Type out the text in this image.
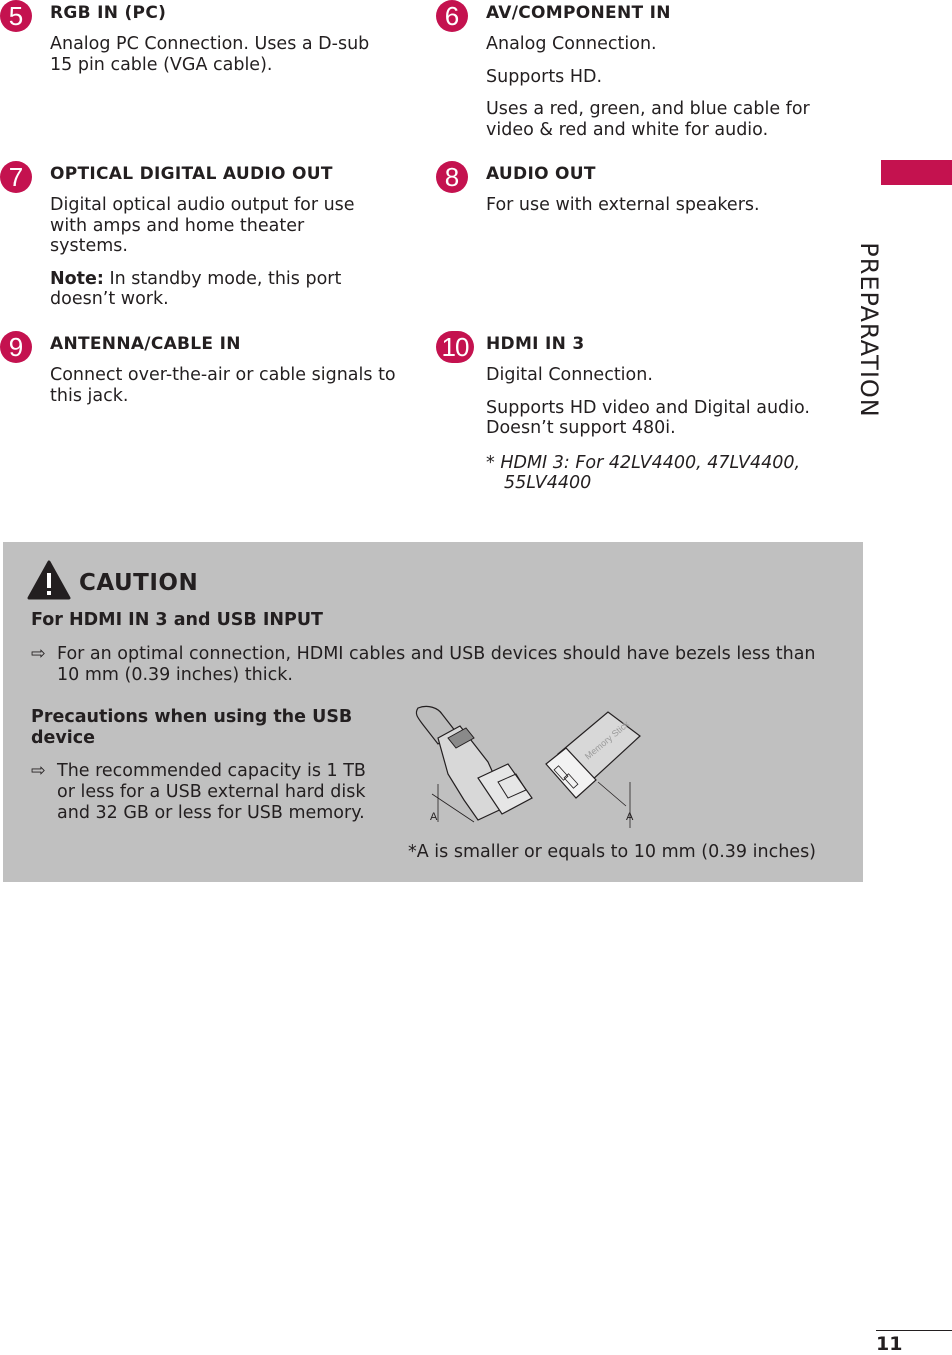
5	RGB IN (PC)

Analog PC Connection. Uses a D-sub 15 pin cable (VGA cable).

6	AV/COMPONENT IN

Analog Connection.

Supports HD.

Uses a red, green, and blue cable for video & red and white for audio.

7	OPTICAL DIGITAL AUDIO OUT

Digital optical audio output for use with amps and home theater systems.

Note: In standby mode, this port doesn’t work.

8	AUDIO OUT

For use with external speakers.

9	ANTENNA/CABLE IN

Connect over-the-air or cable signals to this jack.

10	HDMI IN 3

Digital Connection.

Supports HD video and Digital audio. Doesn’t support 480i.

* HDMI 3: For 42LV4400, 47LV4400, 55LV4400

PREPARATION
CAUTION
For HDMI IN 3 and USB INPUT
⇨ For an optimal connection, HDMI cables and USB devices should have bezels less than 10 mm (0.39 inches) thick.
Precautions when using the USB device
⇨ The recommended capacity is 1 TB or less for a USB external hard disk and 32 GB or less for USB memory.	A
Memory Stick
A
*A is smaller or equals to 10 mm (0.39 inches)
11
